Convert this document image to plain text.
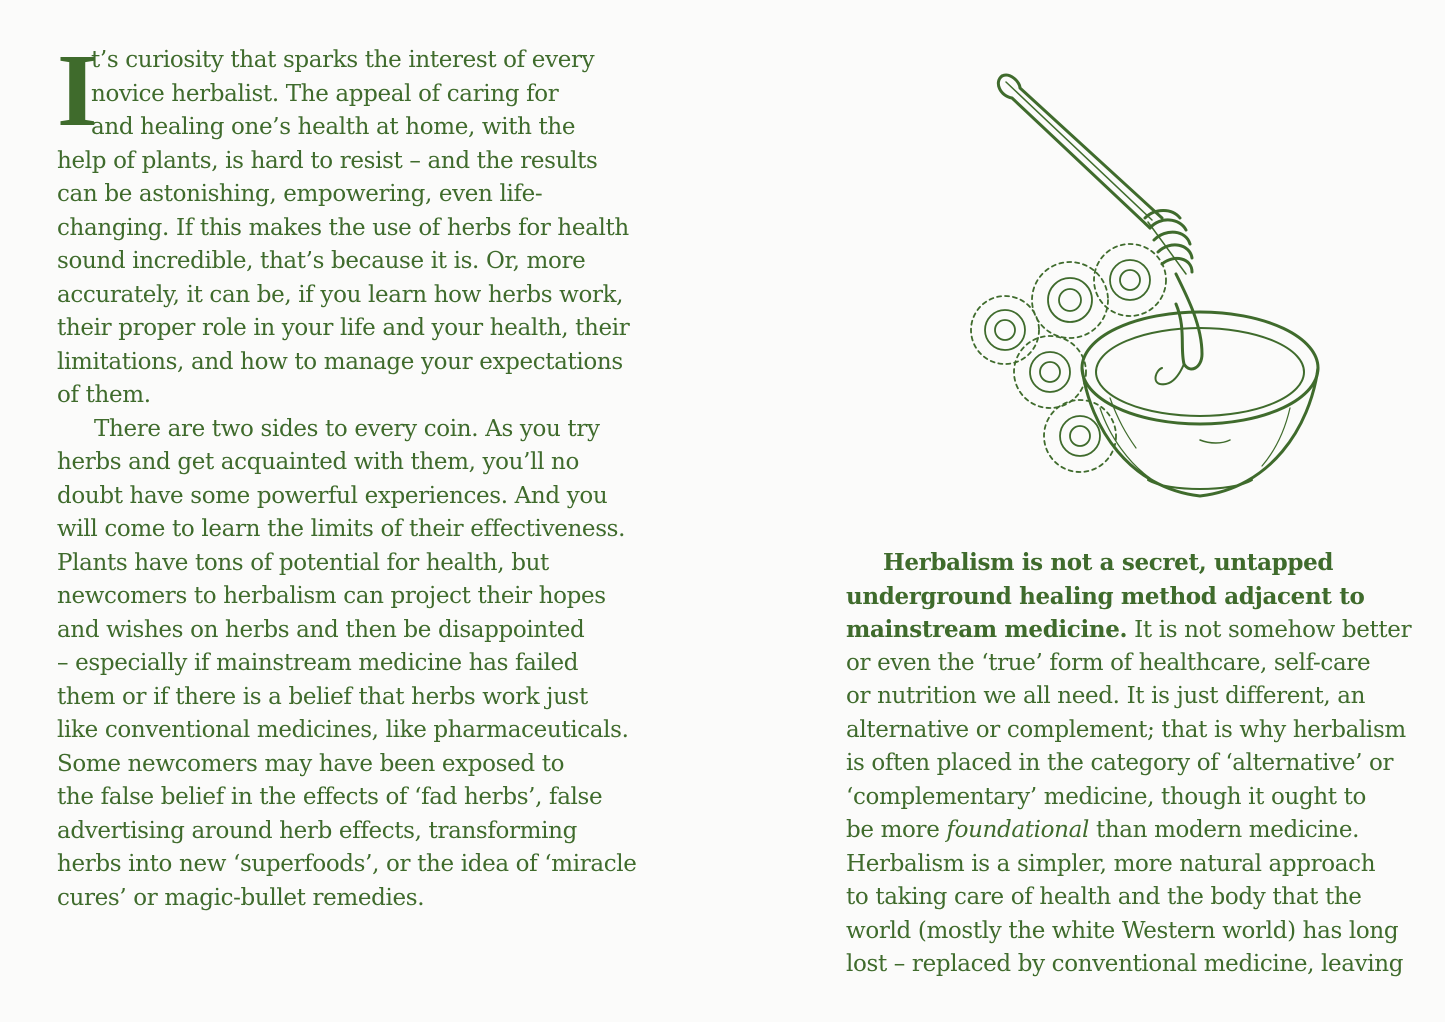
I
t’s curiosity that sparks the interest of every
novice herbalist. The appeal of caring for
and healing one’s health at home, with the
help of plants, is hard to resist – and the results
can be astonishing, empowering, even life-
changing. If this makes the use of herbs for health
sound incredible, that’s because it is. Or, more
accurately, it can be, if you learn how herbs work,
their proper role in your life and your health, their
limitations, and how to manage your expectations
of them.
There are two sides to every coin. As you try
herbs and get acquainted with them, you’ll no
doubt have some powerful experiences. And you
will come to learn the limits of their effectiveness.
Plants have tons of potential for health, but
newcomers to herbalism can project their hopes
and wishes on herbs and then be disappointed
– especially if mainstream medicine has failed
them or if there is a belief that herbs work just
like conventional medicines, like pharmaceuticals.
Some newcomers may have been exposed to
the false belief in the effects of ‘fad herbs’, false
advertising around herb effects, transforming
herbs into new ‘superfoods’, or the idea of ‘miracle
cures’ or magic-bullet remedies.
Herbalism is not a secret, untapped
underground healing method adjacent to
mainstream medicine. It is not somehow better
or even the ‘true’ form of healthcare, self-care
or nutrition we all need. It is just different, an
alternative or complement; that is why herbalism
is often placed in the category of ‘alternative’ or
‘complementary’ medicine, though it ought to
be more foundational than modern medicine.
Herbalism is a simpler, more natural approach
to taking care of health and the body that the
world (mostly the white Western world) has long
lost – replaced by conventional medicine, leaving
